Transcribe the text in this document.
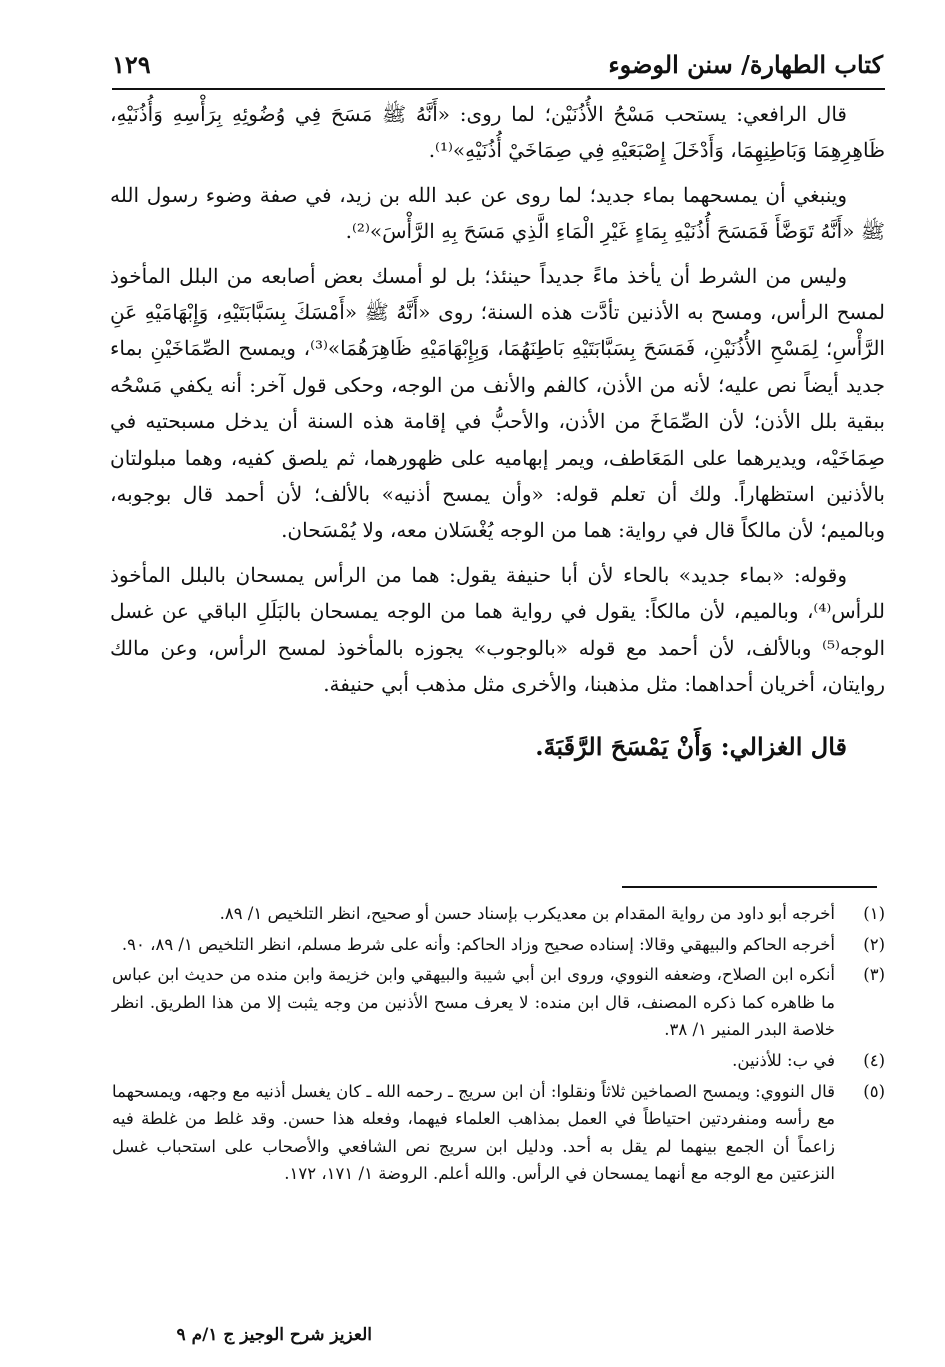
كتاب الطهارة/ سنن الوضوء
١٢٩

قال الرافعي: يستحب مَسْحُ الأُذُنَيْن؛ لما روى: «أَنَّهُ ﷺ مَسَحَ فِي وُضُوئِهِ بِرَأْسِهِ وَأُذُنَيْهِ، ظَاهِرِهِمَا وَبَاطِنِهِمَا، وَأَدْخَلَ إِصْبَعَيْهِ فِي صِمَاخَيْ أُذُنَيْهِ»⁽¹⁾.

وينبغي أن يمسحهما بماء جديد؛ لما روى عن عبد الله بن زيد، في صفة وضوء رسول الله ﷺ «أَنَّهُ تَوَضَّأَ فَمَسَحَ أُذُنَيْهِ بِمَاءٍ غَيْرِ الْمَاءِ الَّذِي مَسَحَ بِهِ الرَّأْسَ»⁽²⁾.

وليس من الشرط أن يأخذ ماءً جديداً حينئذ؛ بل لو أمسك بعض أصابعه من البلل المأخوذ لمسح الرأس، ومسح به الأذنين تأدَّت هذه السنة؛ روى «أَنَّهُ ﷺ «أَمْسَكَ بِسَبَّابَتَيْهِ، وَإِبْهَامَيْهِ عَنِ الرَّأْسِ؛ لِمَسْحِ الأُذُنَيْنِ، فَمَسَحَ بِسَبَّابَتَيْهِ بَاطِنَهُمَا، وَبِإِبْهَامَيْهِ ظَاهِرَهُمَا»⁽³⁾، ويمسح الصِّمَاخَيْنِ بماء جديد أيضاً نص عليه؛ لأنه من الأذن، كالفم والأنف من الوجه، وحكى قول آخر: أنه يكفي مَسْحُه ببقية بلل الأذن؛ لأن الصِّمَاخَ من الأذن، والأحبُّ في إقامة هذه السنة أن يدخل مسبحتيه في صِمَاخَيْه، ويديرهما على المَعَاطف، ويمر إبهاميه على ظهورهما، ثم يلصق كفيه، وهما مبلولتان بالأذنين استظهاراً. ولك أن تعلم قوله: «وأن يمسح أذنيه» بالألف؛ لأن أحمد قال بوجوبه، وبالميم؛ لأن مالكاً قال في رواية: هما من الوجه يُغْسَلان معه، ولا يُمْسَحان.

وقوله: «بماء جديد» بالحاء لأن أبا حنيفة يقول: هما من الرأس يمسحان بالبلل المأخوذ للرأس⁽⁴⁾، وبالميم، لأن مالكاً: يقول في رواية هما من الوجه يمسحان بالبَلَلِ الباقي عن غسل الوجه⁽⁵⁾ وبالألف، لأن أحمد مع قوله «بالوجوب» يجوزه بالمأخوذ لمسح الرأس، وعن مالك روايتان، أخريان أحداهما: مثل مذهبنا، والأخرى مثل مذهب أبي حنيفة.

قال الغزالي: وَأَنْ يَمْسَحَ الرَّقَبَةَ.

(١)
أخرجه أبو داود من رواية المقدام بن معديكرب بإسناد حسن أو صحيح، انظر التلخيص ١/ ٨٩.
(٢)
أخرجه الحاكم والبيهقي وقالا: إسناده صحيح وزاد الحاكم: وأنه على شرط مسلم، انظر التلخيص ١/ ٨٩، ٩٠.
(٣)
أنكره ابن الصلاح، وضعفه النووي، وروى ابن أبي شيبة والبيهقي وابن خزيمة وابن منده من حديث ابن عباس ما ظاهره كما ذكره المصنف، قال ابن منده: لا يعرف مسح الأذنين من وجه يثبت إلا من هذا الطريق. انظر خلاصة البدر المنير ١/ ٣٨.
(٤)
في ب: للأذنين.
(٥)
قال النووي: ويمسح الصماخين ثلاثاً ونقلوا: أن ابن سريج ـ رحمه الله ـ كان يغسل أذنيه مع وجهه، ويمسحهما مع رأسه ومنفردتين احتياطاً في العمل بمذاهب العلماء فيهما، وفعله هذا حسن. وقد غلط من غلطة فيه زاعماً أن الجمع بينهما لم يقل به أحد. ودليل ابن سريج نص الشافعي والأصحاب على استحباب غسل النزعتين مع الوجه مع أنهما يمسحان في الرأس. والله أعلم. الروضة ١/ ١٧١، ١٧٢.
العزيز شرح الوجيز ج ١/م ٩
